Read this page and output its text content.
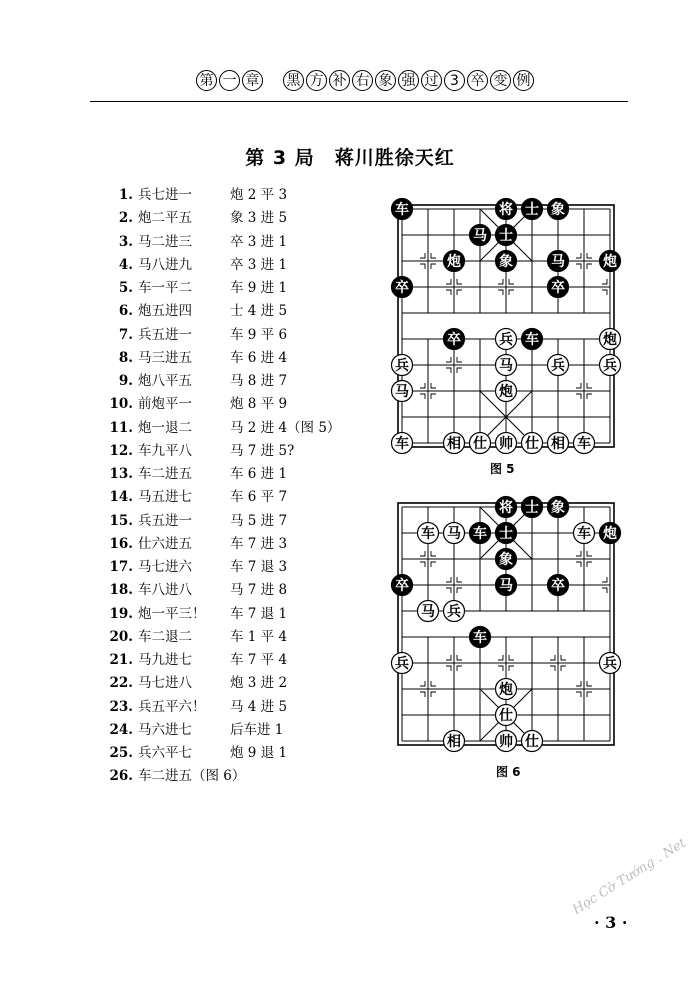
第 一 章 黑 方 补 右 象 强 过 3 卒 变 例
第 3 局　蒋川胜徐天红
1. 兵七进一	炮 2 平 3
2. 炮二平五	象 3 进 5
3. 马二进三	卒 3 进 1
4. 马八进九	卒 3 进 1
5. 车一平二	车 9 进 1
6. 炮五进四	士 4 进 5
7. 兵五进一	车 9 平 6
8. 马三进五	车 6 进 4
9. 炮八平五	马 8 进 7
10. 前炮平一	炮 8 平 9
11. 炮一退二	马 2 进 4（图 5）
12. 车九平八	马 7 进 5?
13. 车二进五	车 6 进 1
14. 马五进七	车 6 平 7
15. 兵五进一	马 5 进 7
16. 仕六进五	车 7 进 3
17. 马七进六	车 7 退 3
18. 车八进八	马 7 进 8
19. 炮一平三！	车 7 退 1
20. 车二退二	车 1 平 4
21. 马九进七	车 7 平 4
22. 马七进八	炮 3 进 2
23. 兵五平六！	马 4 进 5
24. 马六进七	后车进 1
25. 兵六平七	炮 9 退 1
26. 车二进五（图 6）
车	将 士 象
马 士
炮	象	马	炮
卒	卒
卒	兵 车	炮
兵	马	兵	兵
马	炮
车	相 仕 帅 仕 相 车
图 5
将 士 象
车 马 车 士	车 炮
象
卒	马	卒
马 兵
车
兵	兵
炮
仕
相	帅 仕
图 6
· 3 ·
Học Cờ Tướng . Net
